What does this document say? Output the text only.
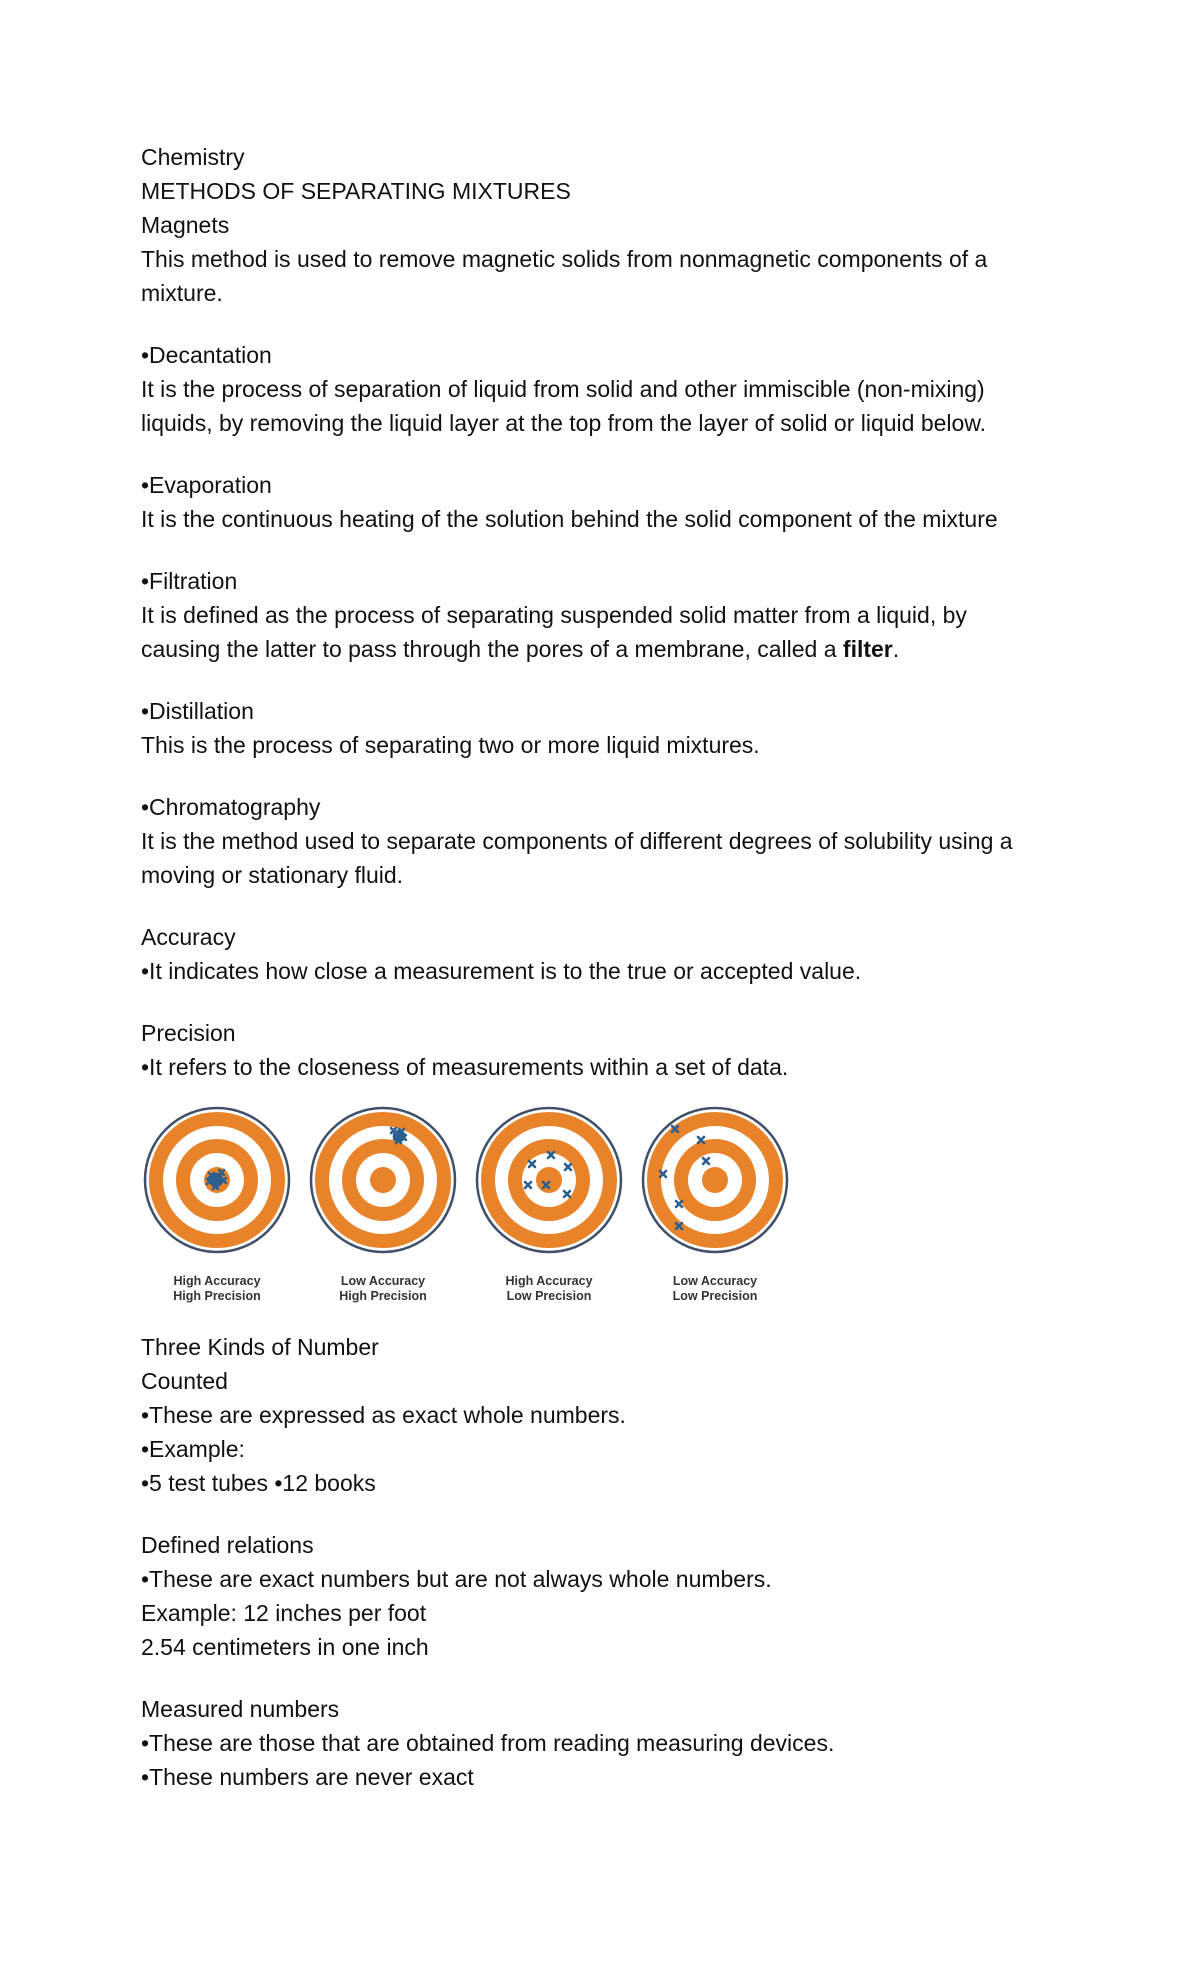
Chemistry
METHODS OF SEPARATING MIXTURES
Magnets
This method is used to remove magnetic solids from nonmagnetic components of a
mixture.
•Decantation
It is the process of separation of liquid from solid and other immiscible (non-mixing)
liquids, by removing the liquid layer at the top from the layer of solid or liquid below.
•Evaporation
It is the continuous heating of the solution behind the solid component of the mixture
•Filtration
It is defined as the process of separating suspended solid matter from a liquid, by
causing the latter to pass through the pores of a membrane, called a filter.
•Distillation
This is the process of separating two or more liquid mixtures.
•Chromatography
It is the method used to separate components of different degrees of solubility using a
moving or stationary fluid.
Accuracy
•It indicates how close a measurement is to the true or accepted value.
Precision
•It refers to the closeness of measurements within a set of data.
High Accuracy
High Precision
Low Accuracy
High Precision
High Accuracy
Low Precision
Low Accuracy
Low Precision
Three Kinds of Number
Counted
•These are expressed as exact whole numbers.
•Example:
•5 test tubes •12 books
Defined relations
•These are exact numbers but are not always whole numbers.
Example: 12 inches per foot
2.54 centimeters in one inch
Measured numbers
•These are those that are obtained from reading measuring devices.
•These numbers are never exact
